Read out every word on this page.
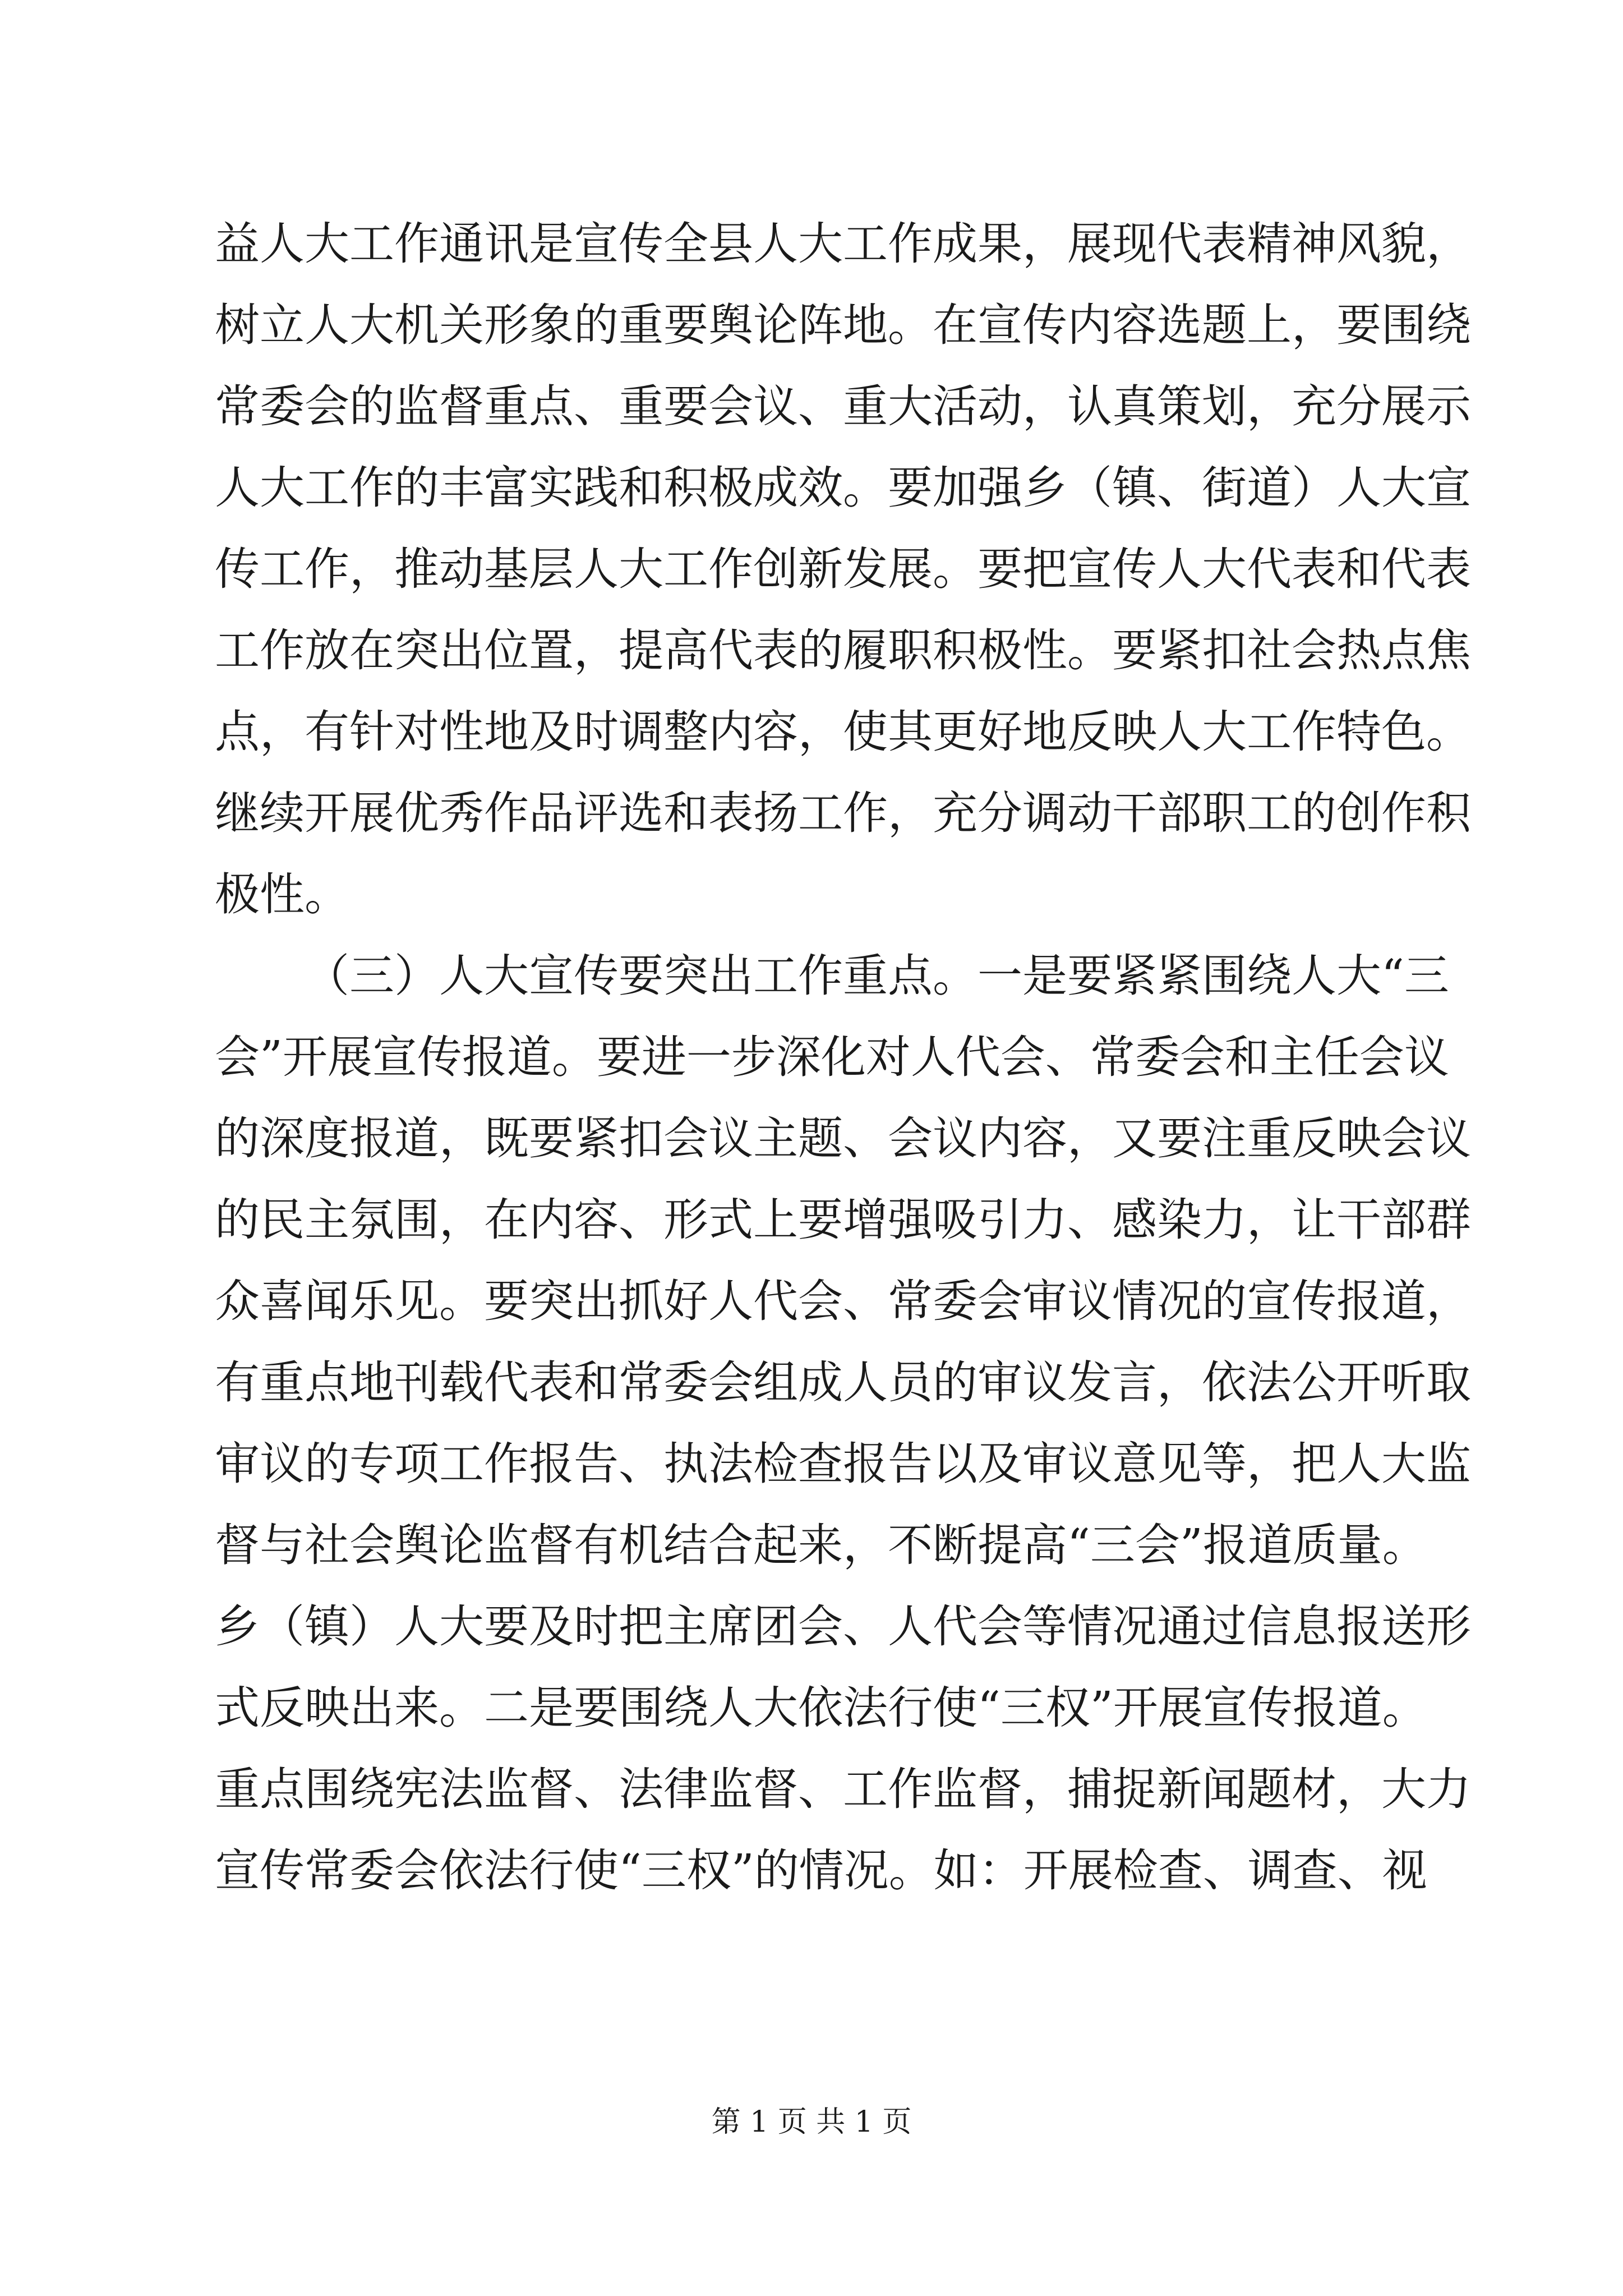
益人大工作通讯是宣传全县人大工作成果，展现代表精神风貌，
树立人大机关形象的重要舆论阵地。在宣传内容选题上，要围绕
常委会的监督重点、重要会议、重大活动，认真策划，充分展示
人大工作的丰富实践和积极成效。要加强乡（镇、街道）人大宣
传工作，推动基层人大工作创新发展。要把宣传人大代表和代表
工作放在突出位置，提高代表的履职积极性。要紧扣社会热点焦
点，有针对性地及时调整内容，使其更好地反映人大工作特色。
继续开展优秀作品评选和表扬工作，充分调动干部职工的创作积
极性。
（三）人大宣传要突出工作重点。一是要紧紧围绕人大“三
会”开展宣传报道。要进一步深化对人代会、常委会和主任会议
的深度报道，既要紧扣会议主题、会议内容，又要注重反映会议
的民主氛围，在内容、形式上要增强吸引力、感染力，让干部群
众喜闻乐见。要突出抓好人代会、常委会审议情况的宣传报道，
有重点地刊载代表和常委会组成人员的审议发言，依法公开听取
审议的专项工作报告、执法检查报告以及审议意见等，把人大监
督与社会舆论监督有机结合起来，不断提高“三会”报道质量。
乡（镇）人大要及时把主席团会、人代会等情况通过信息报送形
式反映出来。二是要围绕人大依法行使“三权”开展宣传报道。
重点围绕宪法监督、法律监督、工作监督，捕捉新闻题材，大力
宣传常委会依法行使“三权”的情况。如：开展检查、调查、视
第 1 页 共 1 页
